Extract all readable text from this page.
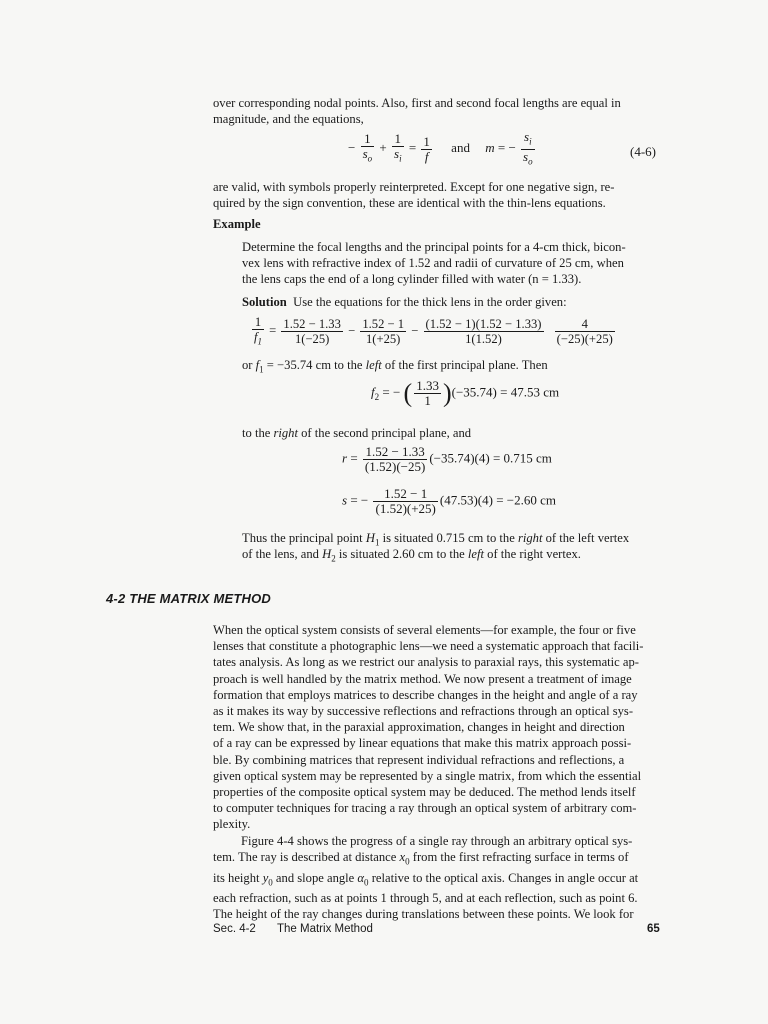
over corresponding nodal points. Also, first and second focal lengths are equal in

magnitude, and the equations,

− $\frac{1}{s_o} + \frac{1}{s_i} = \frac{1}{f}$ and m = − $\frac{s_i}{s_o}$	(4-6)

are valid, with symbols properly reinterpreted. Except for one negative sign, re-

quired by the sign convention, these are identical with the thin-lens equations.

Example

Determine the focal lengths and the principal points for a 4-cm thick, bicon-

vex lens with refractive index of 1.52 and radii of curvature of 25 cm, when

the lens caps the end of a long cylinder filled with water (n = 1.33).

Solution Use the equations for the thick lens in the order given:

$\frac{1}{f_1} = \frac{1.52 - 1.33}{1(-25)} - \frac{1.52 - 1}{1(+25)} - \frac{(1.52 - 1)(1.52 - 1.33)}{1(1.52)}$
$\frac{4}{(-25)(+25)}$

or $f_1 = -35.74$ cm to the left of the first principal plane. Then

$f_2$ = − ( $\frac{1.33}{1} )(-35.74) = 47.53$ cm

to the right of the second principal plane, and

$r = \frac{1.52 - 1.33}{(1.52)(-25)} (-35.74)(4) = 0.715$ cm
s = − $\frac{1.52 - 1}{(1.52)(+25)} (47.53)(4) = -2.60$ cm

Thus the principal point $H_1$ is situated 0.715 cm to the right of the left vertex

of the lens, and $H_2$ is situated 2.60 cm to the left of the right vertex.

4-2 THE MATRIX METHOD

When the optical system consists of several elements—for example, the four or five

lenses that constitute a photographic lens—we need a systematic approach that facili-

tates analysis. As long as we restrict our analysis to paraxial rays, this systematic ap-

proach is well handled by the matrix method. We now present a treatment of image

formation that employs matrices to describe changes in the height and angle of a ray

as it makes its way by successive reflections and refractions through an optical sys-

tem. We show that, in the paraxial approximation, changes in height and direction

of a ray can be expressed by linear equations that make this matrix approach possi-

ble. By combining matrices that represent individual refractions and reflections, a

given optical system may be represented by a single matrix, from which the essential

properties of the composite optical system may be deduced. The method lends itself

to computer techniques for tracing a ray through an optical system of arbitrary com-

plexity.

Figure 4-4 shows the progress of a single ray through an arbitrary optical sys-

tem. The ray is described at distance $x_0$ from the first refracting surface in terms of

its height $y_0$ and slope angle $\alpha_0$ relative to the optical axis. Changes in angle occur at

each refraction, such as at points 1 through 5, and at each reflection, such as point 6.

The height of the ray changes during translations between these points. We look for

Sec. 4-2 The Matrix Method	65
